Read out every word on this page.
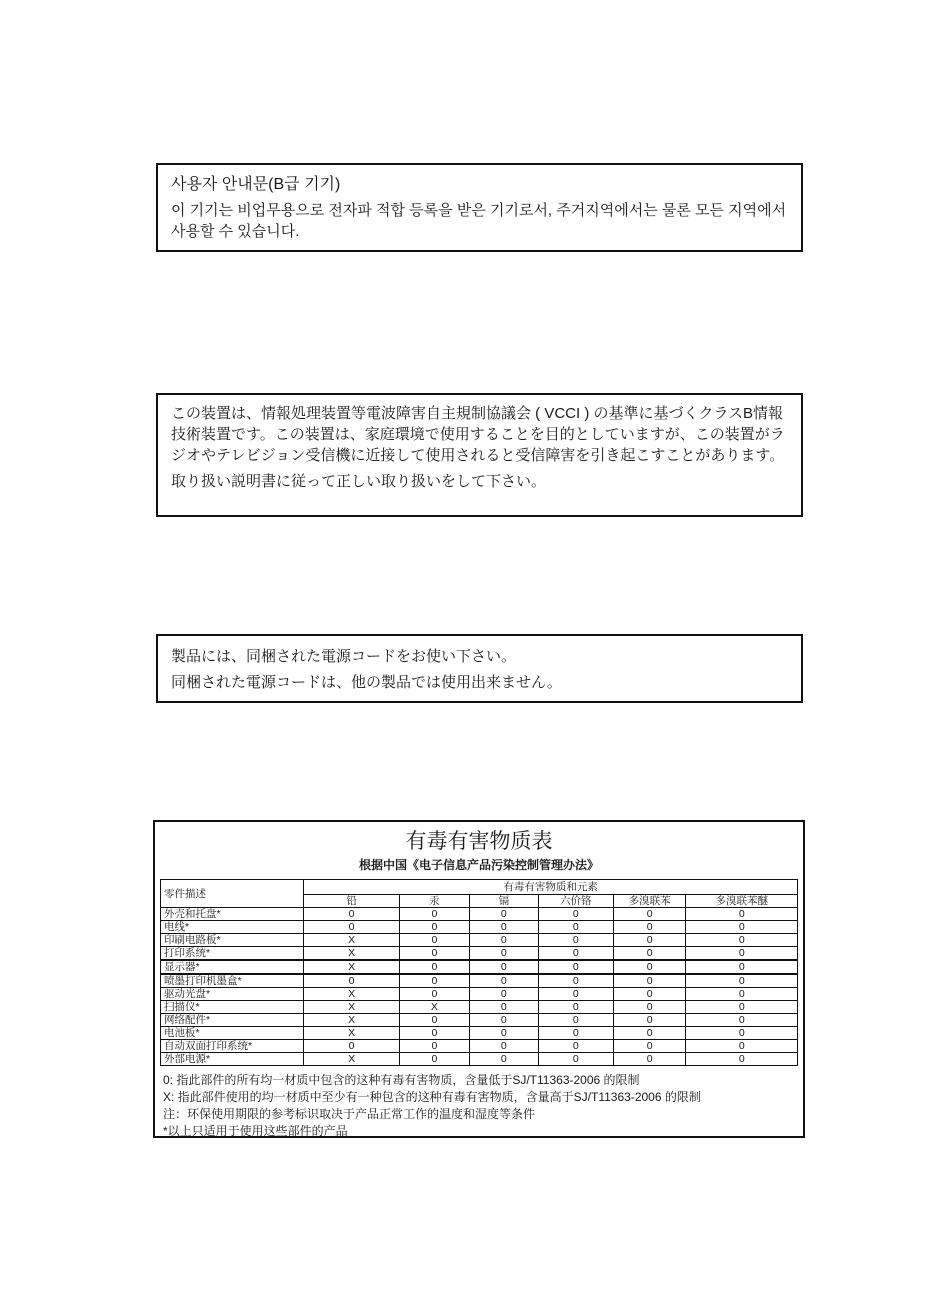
사용자 안내문(B급 기기)

이 기기는 비업무용으로 전자파 적합 등록을 받은 기기로서, 주거지역에서는 물론 모든 지역에서 사용할 수 있습니다.

この装置は、情報処理装置等電波障害自主規制協議会 ( VCCI ) の基準に基づくクラスB情報技術装置です。この装置は、家庭環境で使用することを目的としていますが、この装置がラジオやテレビジョン受信機に近接して使用されると受信障害を引き起こすことがあります。

取り扱い説明書に従って正しい取り扱いをして下さい。

製品には、同梱された電源コードをお使い下さい。

同梱された電源コードは、他の製品では使用出来ません。

有毒有害物质表

根据中国《电子信息产品污染控制管理办法》

零件描述	有毒有害物质和元素					
	铅	汞	镉	六价铬	多溴联苯	多溴联苯醚
外壳和托盘*	0	0	0	0	0	0
电线*	0	0	0	0	0	0
印刷电路板*	X	0	0	0	0	0
打印系统*	X	0	0	0	0	0
显示器*	X	0	0	0	0	0
喷墨打印机墨盒*	0	0	0	0	0	0
驱动光盘*	X	0	0	0	0	0
扫描仪*	X	X	0	0	0	0
网络配件*	X	0	0	0	0	0
电池板*	X	0	0	0	0	0
自动双面打印系统*	0	0	0	0	0	0
外部电源*	X	0	0	0	0	0

0: 指此部件的所有均一材质中包含的这种有毒有害物质，含量低于SJ/T11363-2006 的限制

X: 指此部件使用的均一材质中至少有一种包含的这种有毒有害物质，含量高于SJ/T11363-2006 的限制

注：环保使用期限的参考标识取决于产品正常工作的温度和湿度等条件

*以上只适用于使用这些部件的产品
